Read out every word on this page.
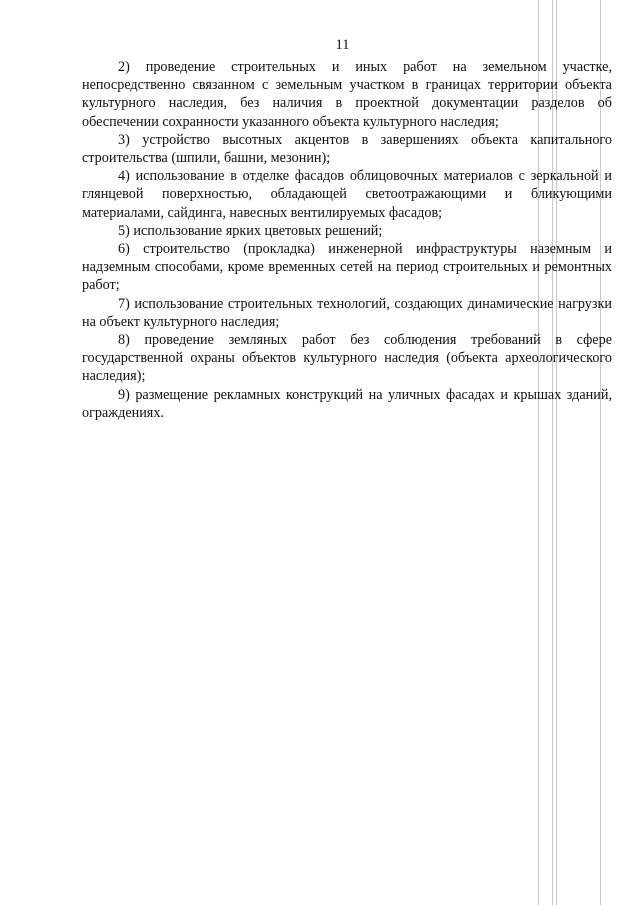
11

2) проведение строительных и иных работ на земельном участке, непосредственно связанном с земельным участком в границах территории объекта культурного наследия, без наличия в проектной документации разделов об обеспечении сохранности указанного объекта культурного наследия;

3) устройство высотных акцентов в завершениях объекта капитального строительства (шпили, башни, мезонин);

4) использование в отделке фасадов облицовочных материалов с зеркальной и глянцевой поверхностью, обладающей светоотражающими и бликующими материалами, сайдинга, навесных вентилируемых фасадов;

5) использование ярких цветовых решений;

6) строительство (прокладка) инженерной инфраструктуры наземным и надземным способами, кроме временных сетей на период строительных и ремонтных работ;

7) использование строительных технологий, создающих динамические нагрузки на объект культурного наследия;

8) проведение земляных работ без соблюдения требований в сфере государственной охраны объектов культурного наследия (объекта археологического наследия);

9) размещение рекламных конструкций на уличных фасадах и крышах зданий, ограждениях.
